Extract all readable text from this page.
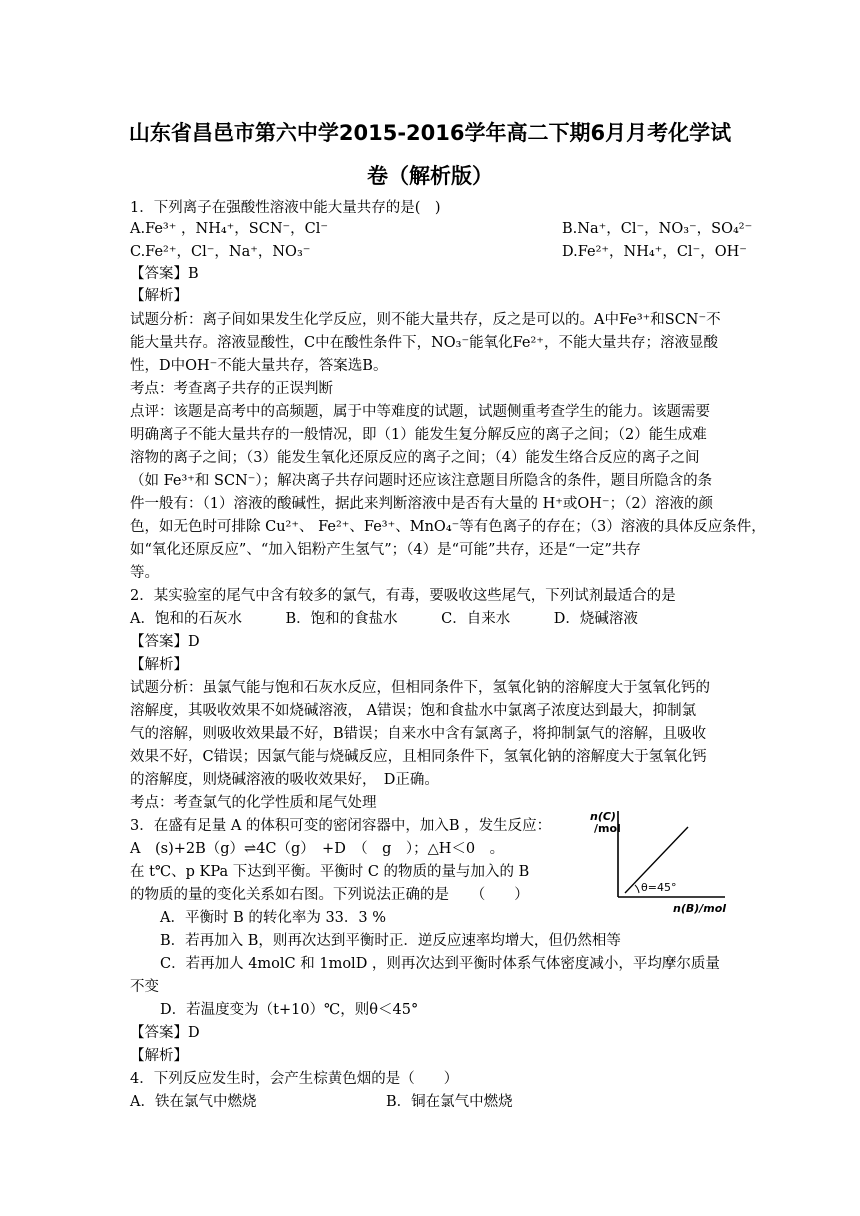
山东省昌邑市第六中学2015-2016学年高二下期6月月考化学试
卷（解析版）
1．下列离子在强酸性溶液中能大量共存的是(　)
A.Fe³⁺ ，NH₄⁺，SCN⁻，Cl⁻	B.Na⁺，Cl⁻，NO₃⁻，SO₄²⁻
C.Fe²⁺，Cl⁻，Na⁺，NO₃⁻	D.Fe²⁺，NH₄⁺，Cl⁻，OH⁻
【答案】B
【解析】
试题分析：离子间如果发生化学反应，则不能大量共存，反之是可以的。A中Fe³⁺和SCN⁻不
能大量共存。溶液显酸性，C中在酸性条件下，NO₃⁻能氧化Fe²⁺，不能大量共存；溶液显酸
性，D中OH⁻不能大量共存，答案选B。
考点：考查离子共存的正误判断
点评：该题是高考中的高频题，属于中等难度的试题，试题侧重考查学生的能力。该题需要
明确离子不能大量共存的一般情况，即（1）能发生复分解反应的离子之间；（2）能生成难
溶物的离子之间；（3）能发生氧化还原反应的离子之间；（4）能发生络合反应的离子之间
（如 Fe³⁺和 SCN⁻）；解决离子共存问题时还应该注意题目所隐含的条件，题目所隐含的条
件一般有：（1）溶液的酸碱性，据此来判断溶液中是否有大量的 H⁺或OH⁻；（2）溶液的颜
色，如无色时可排除 Cu²⁺、 Fe²⁺、Fe³⁺、MnO₄⁻等有色离子的存在；（3）溶液的具体反应条件，
如“氧化还原反应”、“加入铝粉产生氢气”；（4）是“可能”共存，还是“一定”共存
等。
2．某实验室的尾气中含有较多的氯气，有毒，要吸收这些尾气，下列试剂最适合的是
A．饱和的石灰水　　　B．饱和的食盐水　　　C．自来水　　　D．烧碱溶液
【答案】D
【解析】
试题分析：虽氯气能与饱和石灰水反应，但相同条件下，氢氧化钠的溶解度大于氢氧化钙的
溶解度，其吸收效果不如烧碱溶液， A错误；饱和食盐水中氯离子浓度达到最大，抑制氯
气的溶解，则吸收效果最不好，B错误；自来水中含有氯离子，将抑制氯气的溶解，且吸收
效果不好，C错误；因氯气能与烧碱反应，且相同条件下，氢氧化钠的溶解度大于氢氧化钙
的溶解度，则烧碱溶液的吸收效果好，　D正确。
考点：考查氯气的化学性质和尾气处理
3．在盛有足量 A 的体积可变的密闭容器中，加入B ，发生反应：
A　(s)+2B（g）⇌4C（g）　+D　（　g　）；△H＜0　。
在 t℃、p KPa 下达到平衡。平衡时 C 的物质的量与加入的 B
的物质的量的变化关系如右图。下列说法正确的是　　（　　）
n(C)
/mol
θ=45°
n(B)/mol
A．平衡时 B 的转化率为 33．3 %
B．若再加入 B，则再次达到平衡时正．逆反应速率均增大，但仍然相等
C．若再加人 4molC 和 1molD ，则再次达到平衡时体系气体密度减小，平均摩尔质量
不变
D．若温度变为（t+10）℃，则θ＜45°
【答案】D
【解析】
4．下列反应发生时，会产生棕黄色烟的是（　　）
A．铁在氯气中燃烧	B．铜在氯气中燃烧
